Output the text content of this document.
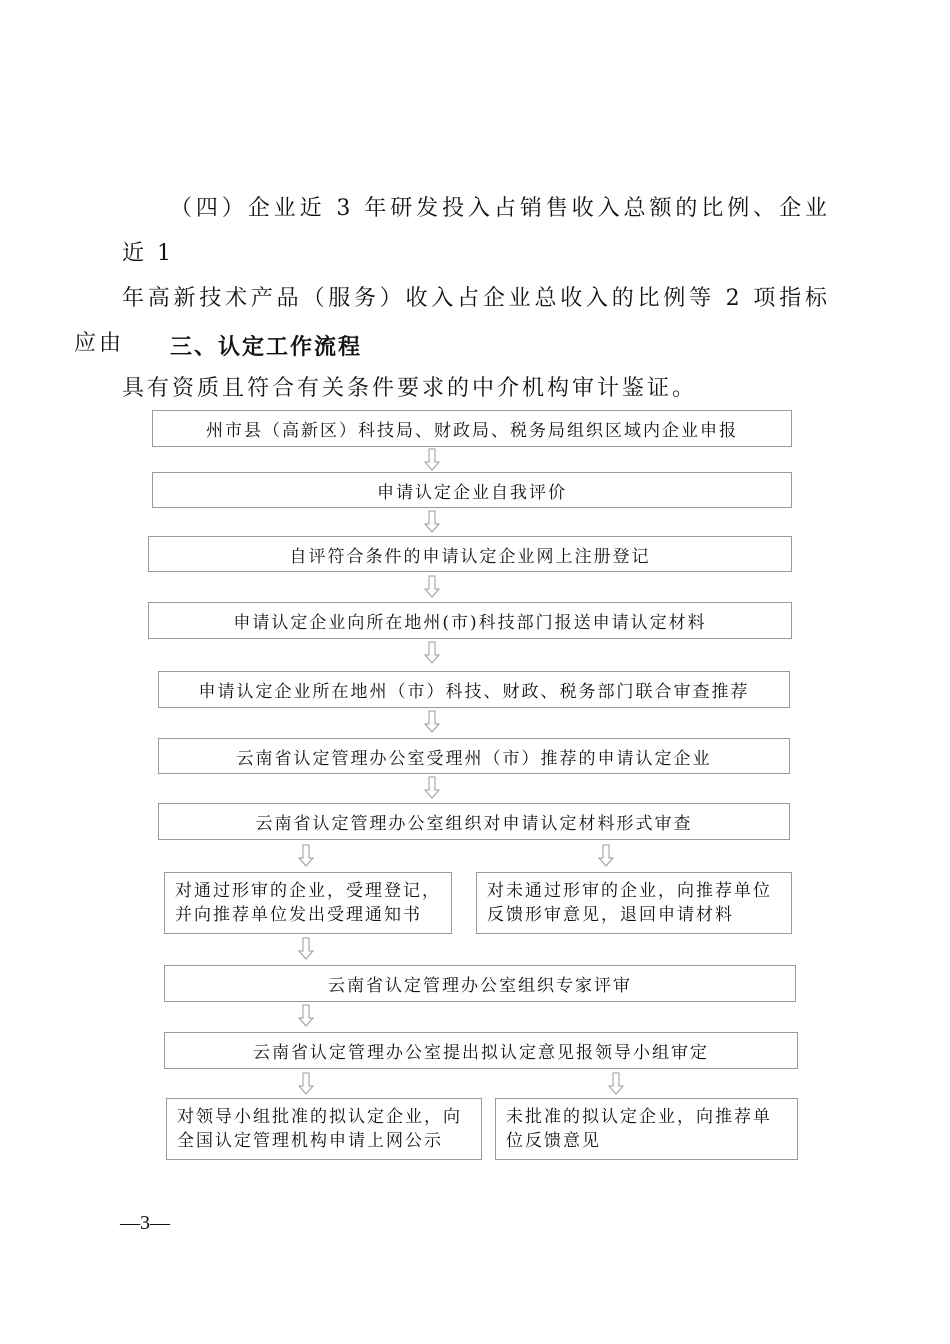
（四）企业近 3 年研发投入占销售收入总额的比例、企业近 1
年高新技术产品（服务）收入占企业总收入的比例等 2 项指标应由
具有资质且符合有关条件要求的中介机构审计鉴证。
三、认定工作流程
州市县（高新区）科技局、财政局、税务局组织区域内企业申报
申请认定企业自我评价
自评符合条件的申请认定企业网上注册登记
申请认定企业向所在地州(市)科技部门报送申请认定材料
申请认定企业所在地州（市）科技、财政、税务部门联合审查推荐
云南省认定管理办公室受理州（市）推荐的申请认定企业
云南省认定管理办公室组织对申请认定材料形式审查
对通过形审的企业，受理登记，
并向推荐单位发出受理通知书
对未通过形审的企业，向推荐单位
反馈形审意见，退回申请材料
云南省认定管理办公室组织专家评审
云南省认定管理办公室提出拟认定意见报领导小组审定
对领导小组批准的拟认定企业，向
全国认定管理机构申请上网公示
未批准的拟认定企业，向推荐单
位反馈意见

—3—
